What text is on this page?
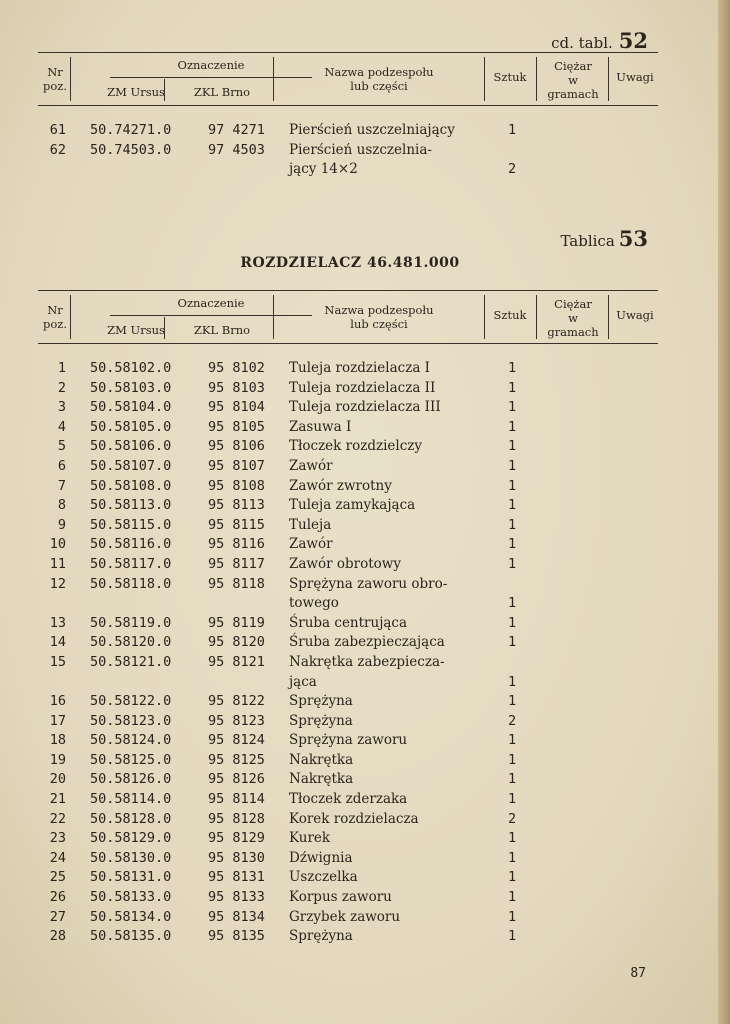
cd. tabl. 52
Nr
poz.
Oznaczenie
ZM Ursus	ZKL Brno
Nazwa podzespołu
lub części
Sztuk
Ciężar
w
gramach
Uwagi
61 50.74271.0	97 4271 Pierścień uszczelniający	1
62 50.74503.0	97 4503 Pierścień uszczelnia-
jący 14×2	2
Tablica 53
ROZDZIELACZ 46.481.000
Nr
poz.
Oznaczenie
ZM Ursus	ZKL Brno
Nazwa podzespołu
lub części
Sztuk
Ciężar
w
gramach
Uwagi
1 50.58102.0	95 8102 Tuleja rozdzielacza I	1
2 50.58103.0	95 8103 Tuleja rozdzielacza II	1
3 50.58104.0	95 8104 Tuleja rozdzielacza III	1
4 50.58105.0	95 8105 Zasuwa I	1
5 50.58106.0	95 8106 Tłoczek rozdzielczy	1
6 50.58107.0	95 8107 Zawór	1
7 50.58108.0	95 8108 Zawór zwrotny	1
8 50.58113.0	95 8113 Tuleja zamykająca	1
9 50.58115.0	95 8115 Tuleja	1
10 50.58116.0	95 8116 Zawór	1
11 50.58117.0	95 8117 Zawór obrotowy	1
12 50.58118.0	95 8118 Sprężyna zaworu obro-
towego	1
13 50.58119.0	95 8119 Śruba centrująca	1
14 50.58120.0	95 8120 Śruba zabezpieczająca	1
15 50.58121.0	95 8121 Nakrętka zabezpiecza-
jąca	1
16 50.58122.0	95 8122 Sprężyna	1
17 50.58123.0	95 8123 Sprężyna	2
18 50.58124.0	95 8124 Sprężyna zaworu	1
19 50.58125.0	95 8125 Nakrętka	1
20 50.58126.0	95 8126 Nakrętka	1
21 50.58114.0	95 8114 Tłoczek zderzaka	1
22 50.58128.0	95 8128 Korek rozdzielacza	2
23 50.58129.0	95 8129 Kurek	1
24 50.58130.0	95 8130 Dźwignia	1
25 50.58131.0	95 8131 Uszczelka	1
26 50.58133.0	95 8133 Korpus zaworu	1
27 50.58134.0	95 8134 Grzybek zaworu	1
28 50.58135.0	95 8135 Sprężyna	1
87
